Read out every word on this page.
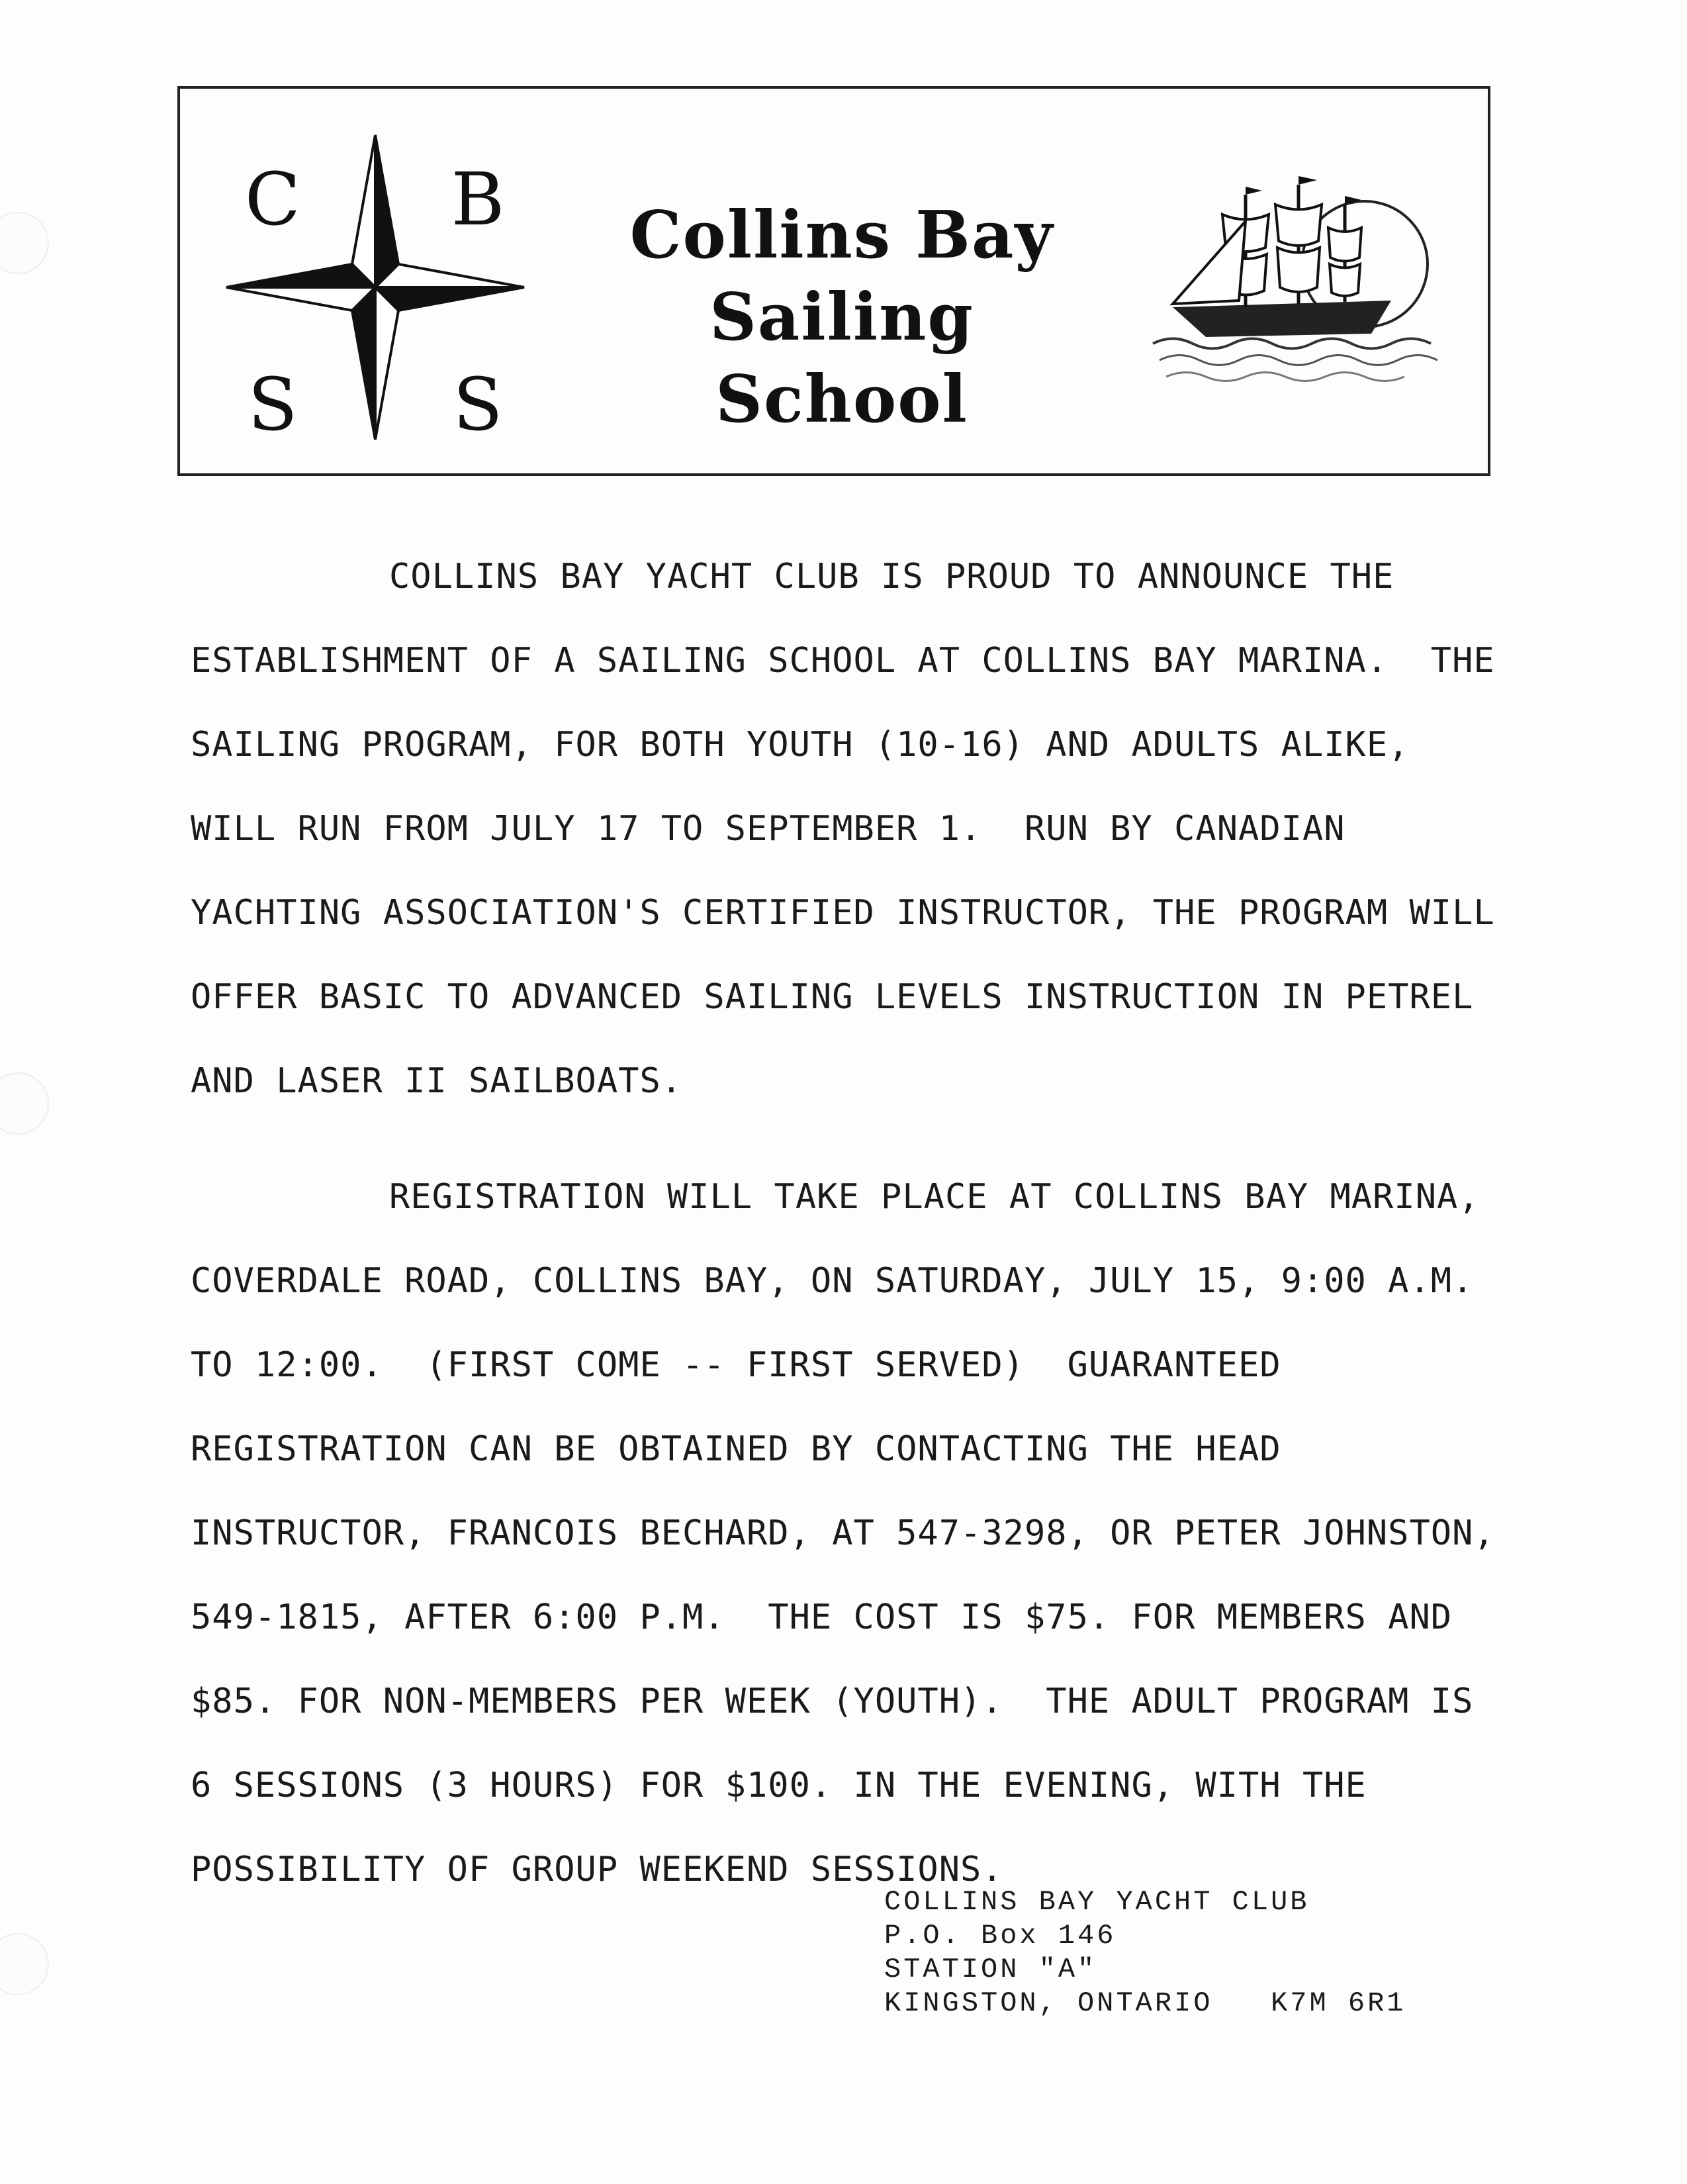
C B
S S
Collins Bay
Sailing School
COLLINS BAY YACHT CLUB IS PROUD TO ANNOUNCE THE ESTABLISHMENT OF A SAILING SCHOOL AT COLLINS BAY MARINA.  THE SAILING PROGRAM, FOR BOTH YOUTH (10-16) AND ADULTS ALIKE, WILL RUN FROM JULY 17 TO SEPTEMBER 1.  RUN BY CANADIAN YACHTING ASSOCIATION'S CERTIFIED INSTRUCTOR, THE PROGRAM WILL OFFER BASIC TO ADVANCED SAILING LEVELS INSTRUCTION IN PETREL AND LASER II SAILBOATS.
REGISTRATION WILL TAKE PLACE AT COLLINS BAY MARINA, COVERDALE ROAD, COLLINS BAY, ON SATURDAY, JULY 15, 9:00 A.M. TO 12:00.  (FIRST COME -- FIRST SERVED)  GUARANTEED REGISTRATION CAN BE OBTAINED BY CONTACTING THE HEAD INSTRUCTOR, FRANCOIS BECHARD, AT 547-3298, OR PETER JOHNSTON, 549-1815, AFTER 6:00 P.M.  THE COST IS $75. FOR MEMBERS AND $85. FOR NON-MEMBERS PER WEEK (YOUTH).  THE ADULT PROGRAM IS 6 SESSIONS (3 HOURS) FOR $100. IN THE EVENING, WITH THE POSSIBILITY OF GROUP WEEKEND SESSIONS.
COLLINS BAY YACHT CLUB
P.O. Box 146
STATION "A"
KINGSTON, ONTARIO   K7M 6R1
